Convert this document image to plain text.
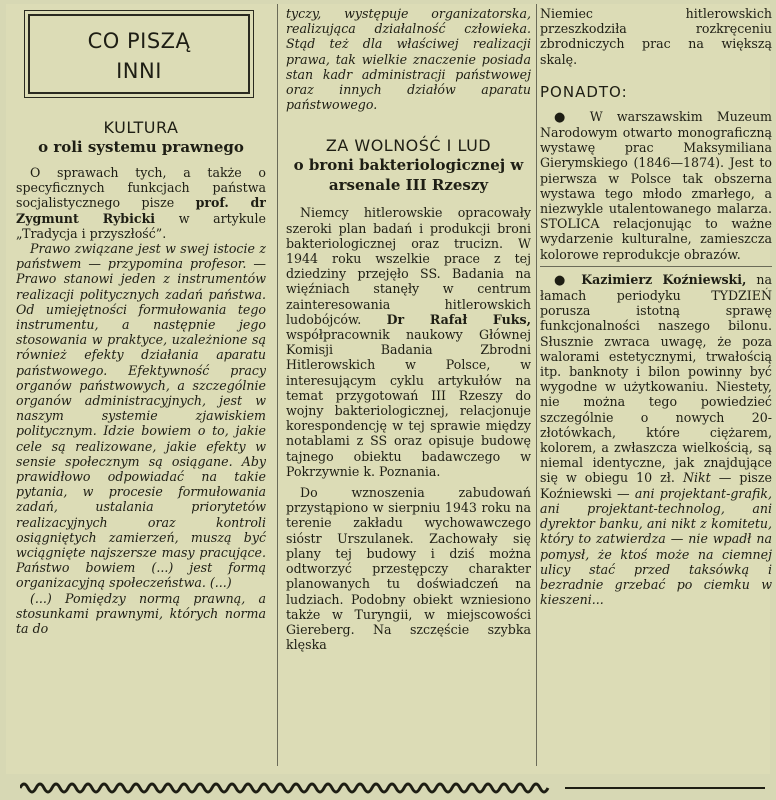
CO PISZĄ
INNI

KULTURA

o roli systemu prawnego

O sprawach tych, a także o specyficznych funkcjach państwa socjalistycznego pisze prof. dr Zygmunt Rybicki w artykule „Tradycja i przyszłość”.

Prawo związane jest w swej istocie z państwem — przypomina profesor. — Prawo stanowi jeden z instrumentów realizacji politycznych zadań państwa. Od umiejętności formułowania tego instrumentu, a następnie jego stosowania w praktyce, uzależnione są również efekty działania aparatu państwowego. Efektywność pracy organów państwowych, a szczególnie organów administracyjnych, jest w naszym systemie zjawiskiem politycznym. Idzie bowiem o to, jakie cele są realizowane, jakie efekty w sensie społecznym są osiągane. Aby prawidłowo odpowiadać na takie pytania, w procesie formułowania zadań, ustalania priorytetów realizacyjnych oraz kontroli osiągniętych zamierzeń, muszą być wciągnięte najszersze masy pracujące. Państwo bowiem (...) jest formą organizacyjną społeczeństwa. (...)

(...) Pomiędzy normą prawną, a stosunkami prawnymi, których norma ta do

tyczy, występuje organizatorska, realizująca działalność człowieka. Stąd też dla właściwej realizacji prawa, tak wielkie znaczenie posiada stan kadr administracji państwowej oraz innych działów aparatu państwowego.

ZA WOLNOŚĆ I LUD

o broni bakteriologicznej w arsenale III Rzeszy

Niemcy hitlerowskie opracowały szeroki plan badań i produkcji broni bakteriologicznej oraz trucizn. W 1944 roku wszelkie prace z tej dziedziny przejęło SS. Badania na więźniach stanęły w centrum zainteresowania hitlerowskich ludobójców. Dr Rafał Fuks, współpracownik naukowy Głównej Komisji Badania Zbrodni Hitlerowskich w Polsce, w interesującym cyklu artykułów na temat przygotowań III Rzeszy do wojny bakteriologicznej, relacjonuje korespondencję w tej sprawie między notablami z SS oraz opisuje budowę tajnego obiektu badawczego w Pokrzywnie k. Poznania.

Do wznoszenia zabudowań przystąpiono w sierpniu 1943 roku na terenie zakładu wychowawczego sióstr Urszulanek. Zachowały się plany tej budowy i dziś można odtworzyć przestępczy charakter planowanych tu doświadczeń na ludziach. Podobny obiekt wzniesiono także w Turyngii, w miejscowości Giereberg. Na szczęście szybka klęska

Niemiec hitlerowskich przeszkodziła rozkręceniu zbrodniczych prac na większą skalę.

PONADTO:

● W warszawskim Muzeum Narodowym otwarto monograficzną wystawę prac Maksymiliana Gierymskiego (1846—1874). Jest to pierwsza w Polsce tak obszerna wystawa tego młodo zmarłego, a niezwykle utalentowanego malarza. STOLICA relacjonując to ważne wydarzenie kulturalne, zamieszcza kolorowe reprodukcje obrazów.

● Kazimierz Koźniewski, na łamach periodyku TYDZIEŃ porusza istotną sprawę funkcjonalności naszego bilonu. Słusznie zwraca uwagę, że poza walorami estetycznymi, trwałością itp. banknoty i bilon powinny być wygodne w użytkowaniu. Niestety, nie można tego powiedzieć szczególnie o nowych 20-złotówkach, które ciężarem, kolorem, a zwłaszcza wielkością, są niemal identyczne, jak znajdujące się w obiegu 10 zł. Nikt — pisze Koźniewski — ani projektant-grafik, ani projektant-technolog, ani dyrektor banku, ani nikt z komitetu, który to zatwierdza — nie wpadł na pomysł, że ktoś może na ciemnej ulicy stać przed taksówką i bezradnie grzebać po ciemku w kieszeni...
